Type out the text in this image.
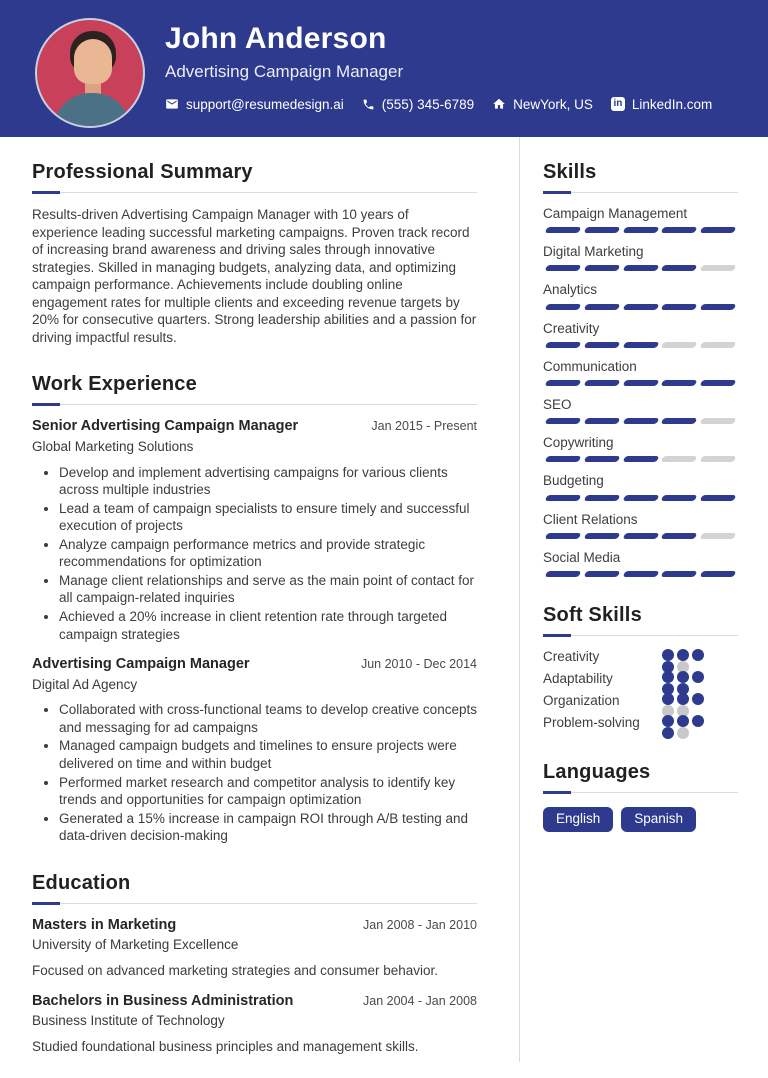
John Anderson
Advertising Campaign Manager
support@resumedesign.ai	(555) 345-6789	NewYork, US in LinkedIn.com
Professional Summary

Results-driven Advertising Campaign Manager with 10 years of experience leading successful marketing campaigns. Proven track record of increasing brand awareness and driving sales through innovative strategies. Skilled in managing budgets, analyzing data, and optimizing campaign performance. Achievements include doubling online engagement rates for multiple clients and exceeding revenue targets by 20% for consecutive quarters. Strong leadership abilities and a passion for driving impactful results.

Work Experience
Senior Advertising Campaign Manager	Jan 2015 - Present
Global Marketing Solutions
• Develop and implement advertising campaigns for various clients across multiple industries
• Lead a team of campaign specialists to ensure timely and successful execution of projects
• Analyze campaign performance metrics and provide strategic recommendations for optimization
• Manage client relationships and serve as the main point of contact for all campaign-related inquiries
• Achieved a 20% increase in client retention rate through targeted campaign strategies
Advertising Campaign Manager	Jun 2010 - Dec 2014
Digital Ad Agency
• Collaborated with cross-functional teams to develop creative concepts and messaging for ad campaigns
• Managed campaign budgets and timelines to ensure projects were delivered on time and within budget
• Performed market research and competitor analysis to identify key trends and opportunities for campaign optimization
• Generated a 15% increase in campaign ROI through A/B testing and data-driven decision-making
Education
Masters in Marketing	Jan 2008 - Jan 2010
University of Marketing Excellence

Focused on advanced marketing strategies and consumer behavior.

Bachelors in Business Administration	Jan 2004 - Jan 2008
Business Institute of Technology

Studied foundational business principles and management skills.

Skills
Campaign Management
Digital Marketing
Analytics
Creativity
Communication
SEO
Copywriting
Budgeting
Client Relations
Social Media
Soft Skills
Creativity
Adaptability
Organization
Problem-solving
Languages
English	Spanish
